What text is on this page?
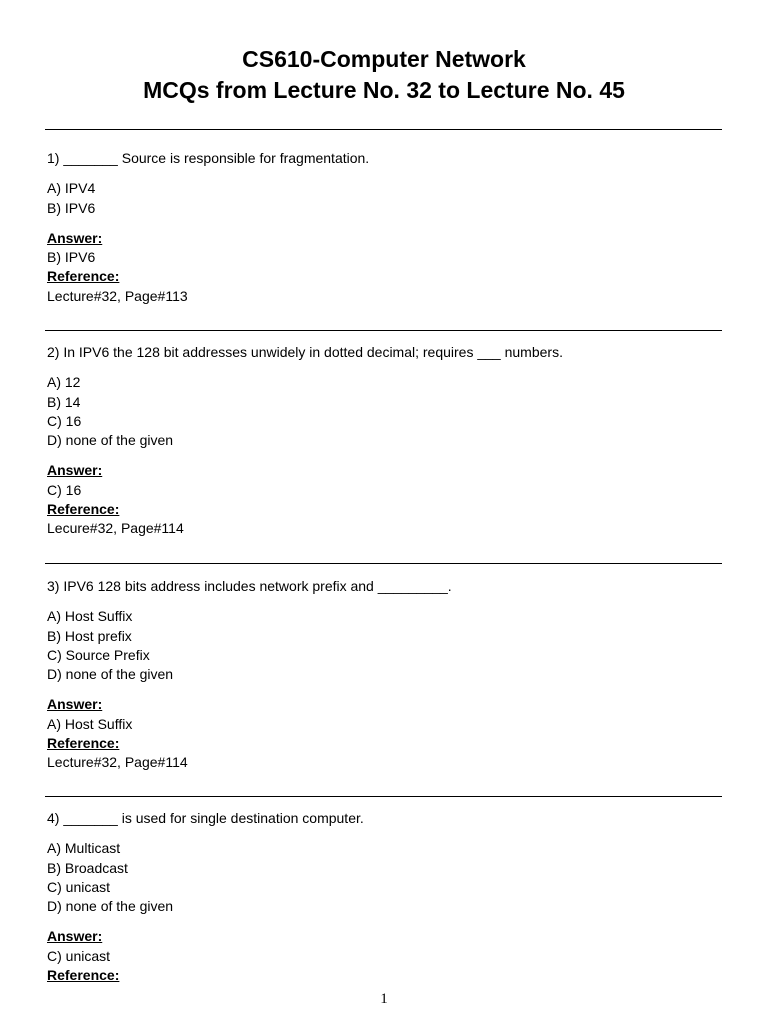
CS610-Computer Network
MCQs from Lecture No. 32 to Lecture No. 45
1) _______ Source is responsible for fragmentation.
A) IPV4
B) IPV6
Answer:
B) IPV6
Reference:
Lecture#32, Page#113
2) In IPV6 the 128 bit addresses unwidely in dotted decimal; requires ___ numbers.
A) 12
B) 14
C) 16
D) none of the given
Answer:
C) 16
Reference:
Lecure#32, Page#114
3) IPV6 128 bits address includes network prefix and _________.
A) Host Suffix
B) Host prefix
C) Source Prefix
D) none of the given
Answer:
A) Host Suffix
Reference:
Lecture#32, Page#114
4) _______ is used for single destination computer.
A) Multicast
B) Broadcast
C) unicast
D) none of the given
Answer:
C) unicast
Reference:
1
